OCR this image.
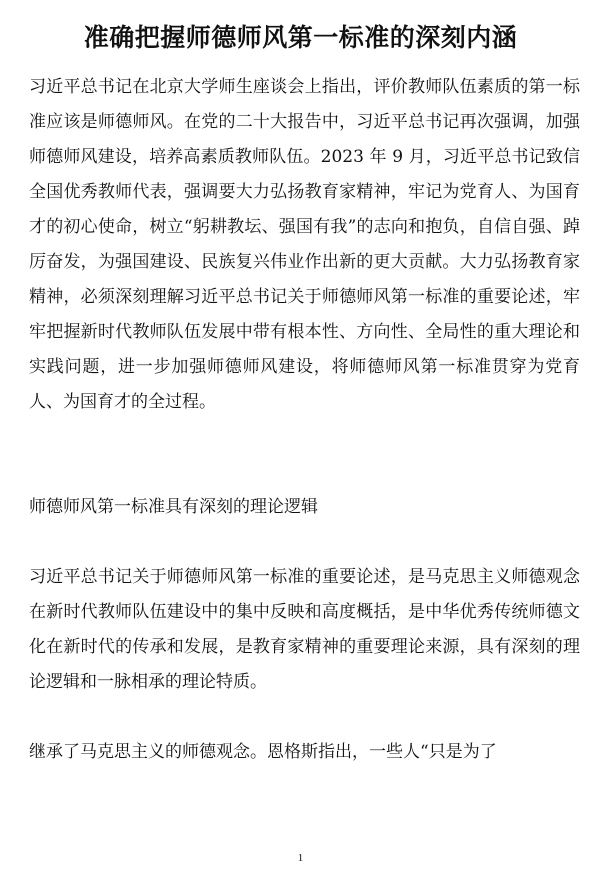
准确把握师德师风第一标准的深刻内涵

习近平总书记在北京大学师生座谈会上指出，评价教师队伍素质的第一标准应该是师德师风。在党的二十大报告中，习近平总书记再次强调，加强师德师风建设，培养高素质教师队伍。2023 年 9 月，习近平总书记致信全国优秀教师代表，强调要大力弘扬教育家精神，牢记为党育人、为国育才的初心使命，树立“躬耕教坛、强国有我”的志向和抱负，自信自强、踔厉奋发，为强国建设、民族复兴伟业作出新的更大贡献。大力弘扬教育家精神，必须深刻理解习近平总书记关于师德师风第一标准的重要论述，牢牢把握新时代教师队伍发展中带有根本性、方向性、全局性的重大理论和实践问题，进一步加强师德师风建设，将师德师风第一标准贯穿为党育人、为国育才的全过程。

师德师风第一标准具有深刻的理论逻辑

习近平总书记关于师德师风第一标准的重要论述，是马克思主义师德观念在新时代教师队伍建设中的集中反映和高度概括，是中华优秀传统师德文化在新时代的传承和发展，是教育家精神的重要理论来源，具有深刻的理论逻辑和一脉相承的理论特质。

继承了马克思主义的师德观念。恩格斯指出，一些人“只是为了

1
